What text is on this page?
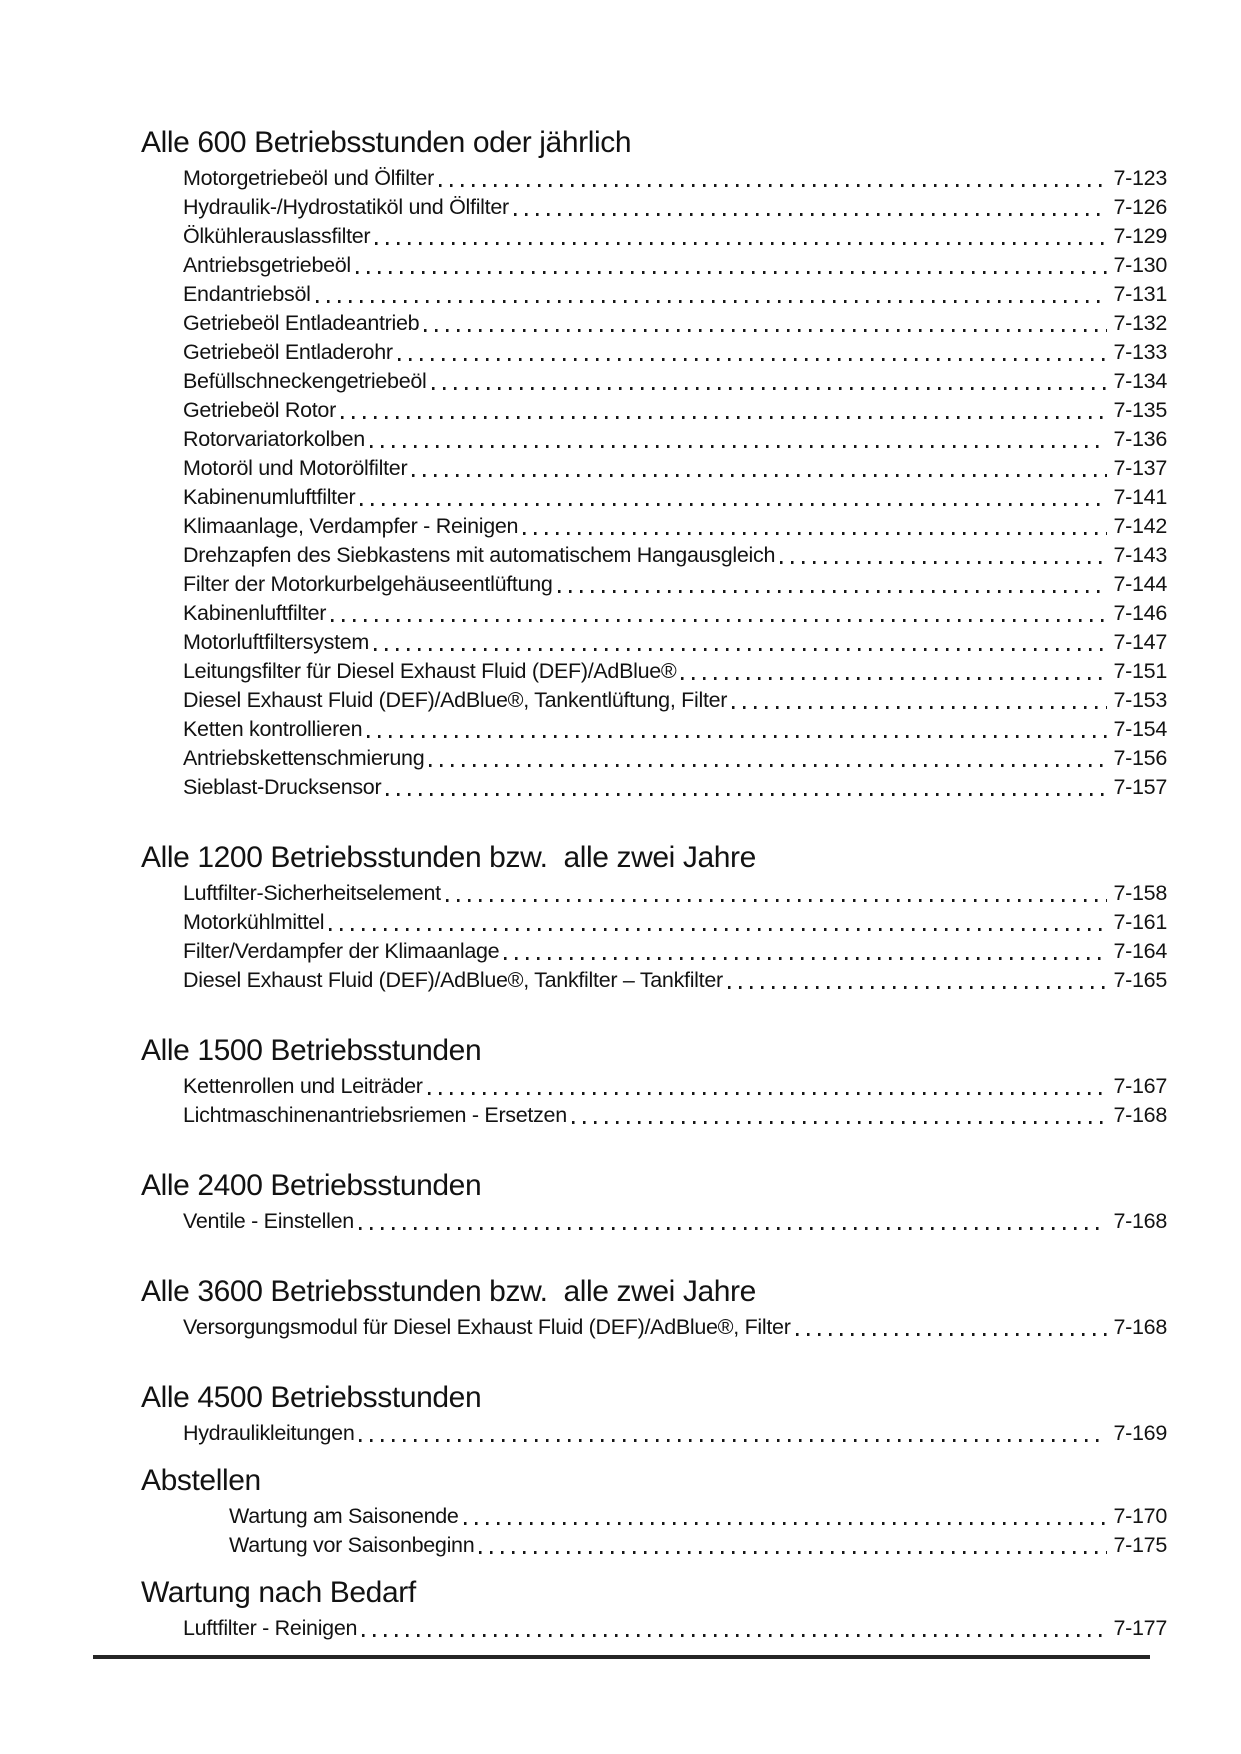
Alle 600 Betriebsstunden oder jährlich
Motorgetriebeöl und Ölfilter	7-123
Hydraulik-/Hydrostatiköl und Ölfilter	7-126
Ölkühlerauslassfilter	7-129
Antriebsgetriebeöl	7-130
Endantriebsöl	7-131
Getriebeöl Entladeantrieb	7-132
Getriebeöl Entladerohr	7-133
Befüllschneckengetriebeöl	7-134
Getriebeöl Rotor	7-135
Rotorvariatorkolben	7-136
Motoröl und Motorölfilter	7-137
Kabinenumluftfilter	7-141
Klimaanlage, Verdampfer - Reinigen	7-142
Drehzapfen des Siebkastens mit automatischem Hangausgleich	7-143
Filter der Motorkurbelgehäuseentlüftung	7-144
Kabinenluftfilter	7-146
Motorluftfiltersystem	7-147
Leitungsfilter für Diesel Exhaust Fluid (DEF)/AdBlue®	7-151
Diesel Exhaust Fluid (DEF)/AdBlue®, Tankentlüftung, Filter	7-153
Ketten kontrollieren	7-154
Antriebskettenschmierung	7-156
Sieblast-Drucksensor	7-157
Alle 1200 Betriebsstunden bzw.  alle zwei Jahre
Luftfilter-Sicherheitselement	7-158
Motorkühlmittel	7-161
Filter/Verdampfer der Klimaanlage	7-164
Diesel Exhaust Fluid (DEF)/AdBlue®, Tankfilter – Tankfilter	7-165
Alle 1500 Betriebsstunden
Kettenrollen und Leiträder	7-167
Lichtmaschinenantriebsriemen - Ersetzen	7-168
Alle 2400 Betriebsstunden
Ventile - Einstellen	7-168
Alle 3600 Betriebsstunden bzw.  alle zwei Jahre
Versorgungsmodul für Diesel Exhaust Fluid (DEF)/AdBlue®, Filter	7-168
Alle 4500 Betriebsstunden
Hydraulikleitungen	7-169
Abstellen
Wartung am Saisonende	7-170
Wartung vor Saisonbeginn	7-175
Wartung nach Bedarf
Luftfilter - Reinigen	7-177
